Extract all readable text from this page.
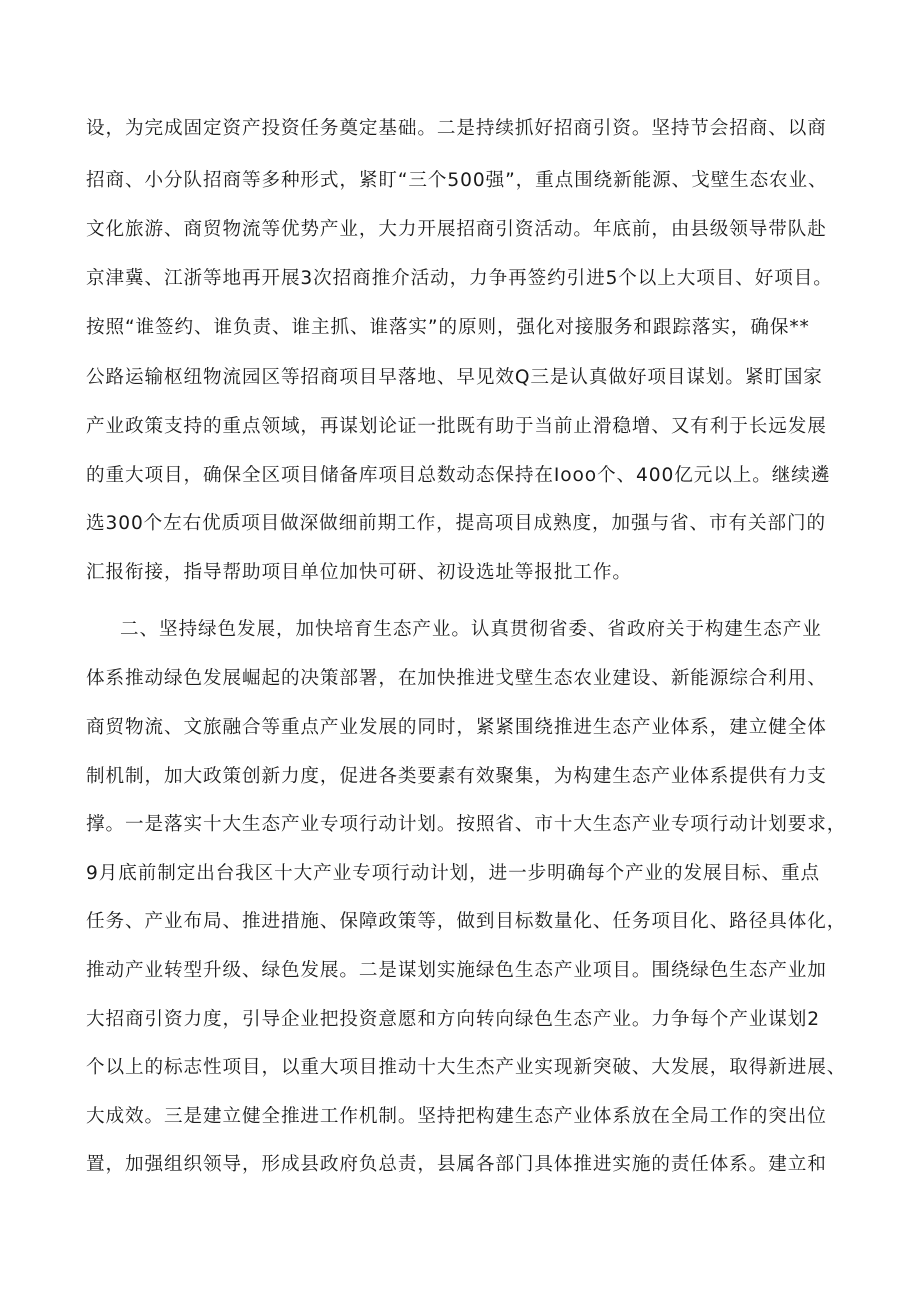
设，为完成固定资产投资任务奠定基础。二是持续抓好招商引资。坚持节会招商、以商
招商、小分队招商等多种形式，紧盯“三个500强”，重点围绕新能源、戈壁生态农业、
文化旅游、商贸物流等优势产业，大力开展招商引资活动。年底前，由县级领导带队赴
京津冀、江浙等地再开展3次招商推介活动，力争再签约引进5个以上大项目、好项目。
按照“谁签约、谁负责、谁主抓、谁落实”的原则，强化对接服务和跟踪落实，确保**
公路运输枢纽物流园区等招商项目早落地、早见效Q三是认真做好项目谋划。紧盯国家
产业政策支持的重点领域，再谋划论证一批既有助于当前止滑稳增、又有利于长远发展
的重大项目，确保全区项目储备库项目总数动态保持在Iooo个、400亿元以上。继续遴
选300个左右优质项目做深做细前期工作，提高项目成熟度，加强与省、市有关部门的
汇报衔接，指导帮助项目单位加快可研、初设选址等报批工作。
二、坚持绿色发展，加快培育生态产业。认真贯彻省委、省政府关于构建生态产业
体系推动绿色发展崛起的决策部署，在加快推进戈壁生态农业建设、新能源综合利用、
商贸物流、文旅融合等重点产业发展的同时，紧紧围绕推进生态产业体系，建立健全体
制机制，加大政策创新力度，促进各类要素有效聚集，为构建生态产业体系提供有力支
撑。一是落实十大生态产业专项行动计划。按照省、市十大生态产业专项行动计划要求，
9月底前制定出台我区十大产业专项行动计划，进一步明确每个产业的发展目标、重点
任务、产业布局、推进措施、保障政策等，做到目标数量化、任务项目化、路径具体化，
推动产业转型升级、绿色发展。二是谋划实施绿色生态产业项目。围绕绿色生态产业加
大招商引资力度，引导企业把投资意愿和方向转向绿色生态产业。力争每个产业谋划2
个以上的标志性项目，以重大项目推动十大生杰产业实现新突破、大发展，取得新进展、
大成效。三是建立健全推进工作机制。坚持把构建生态产业体系放在全局工作的突出位
置，加强组织领导，形成县政府负总责，县属各部门具体推进实施的责任体系。建立和
